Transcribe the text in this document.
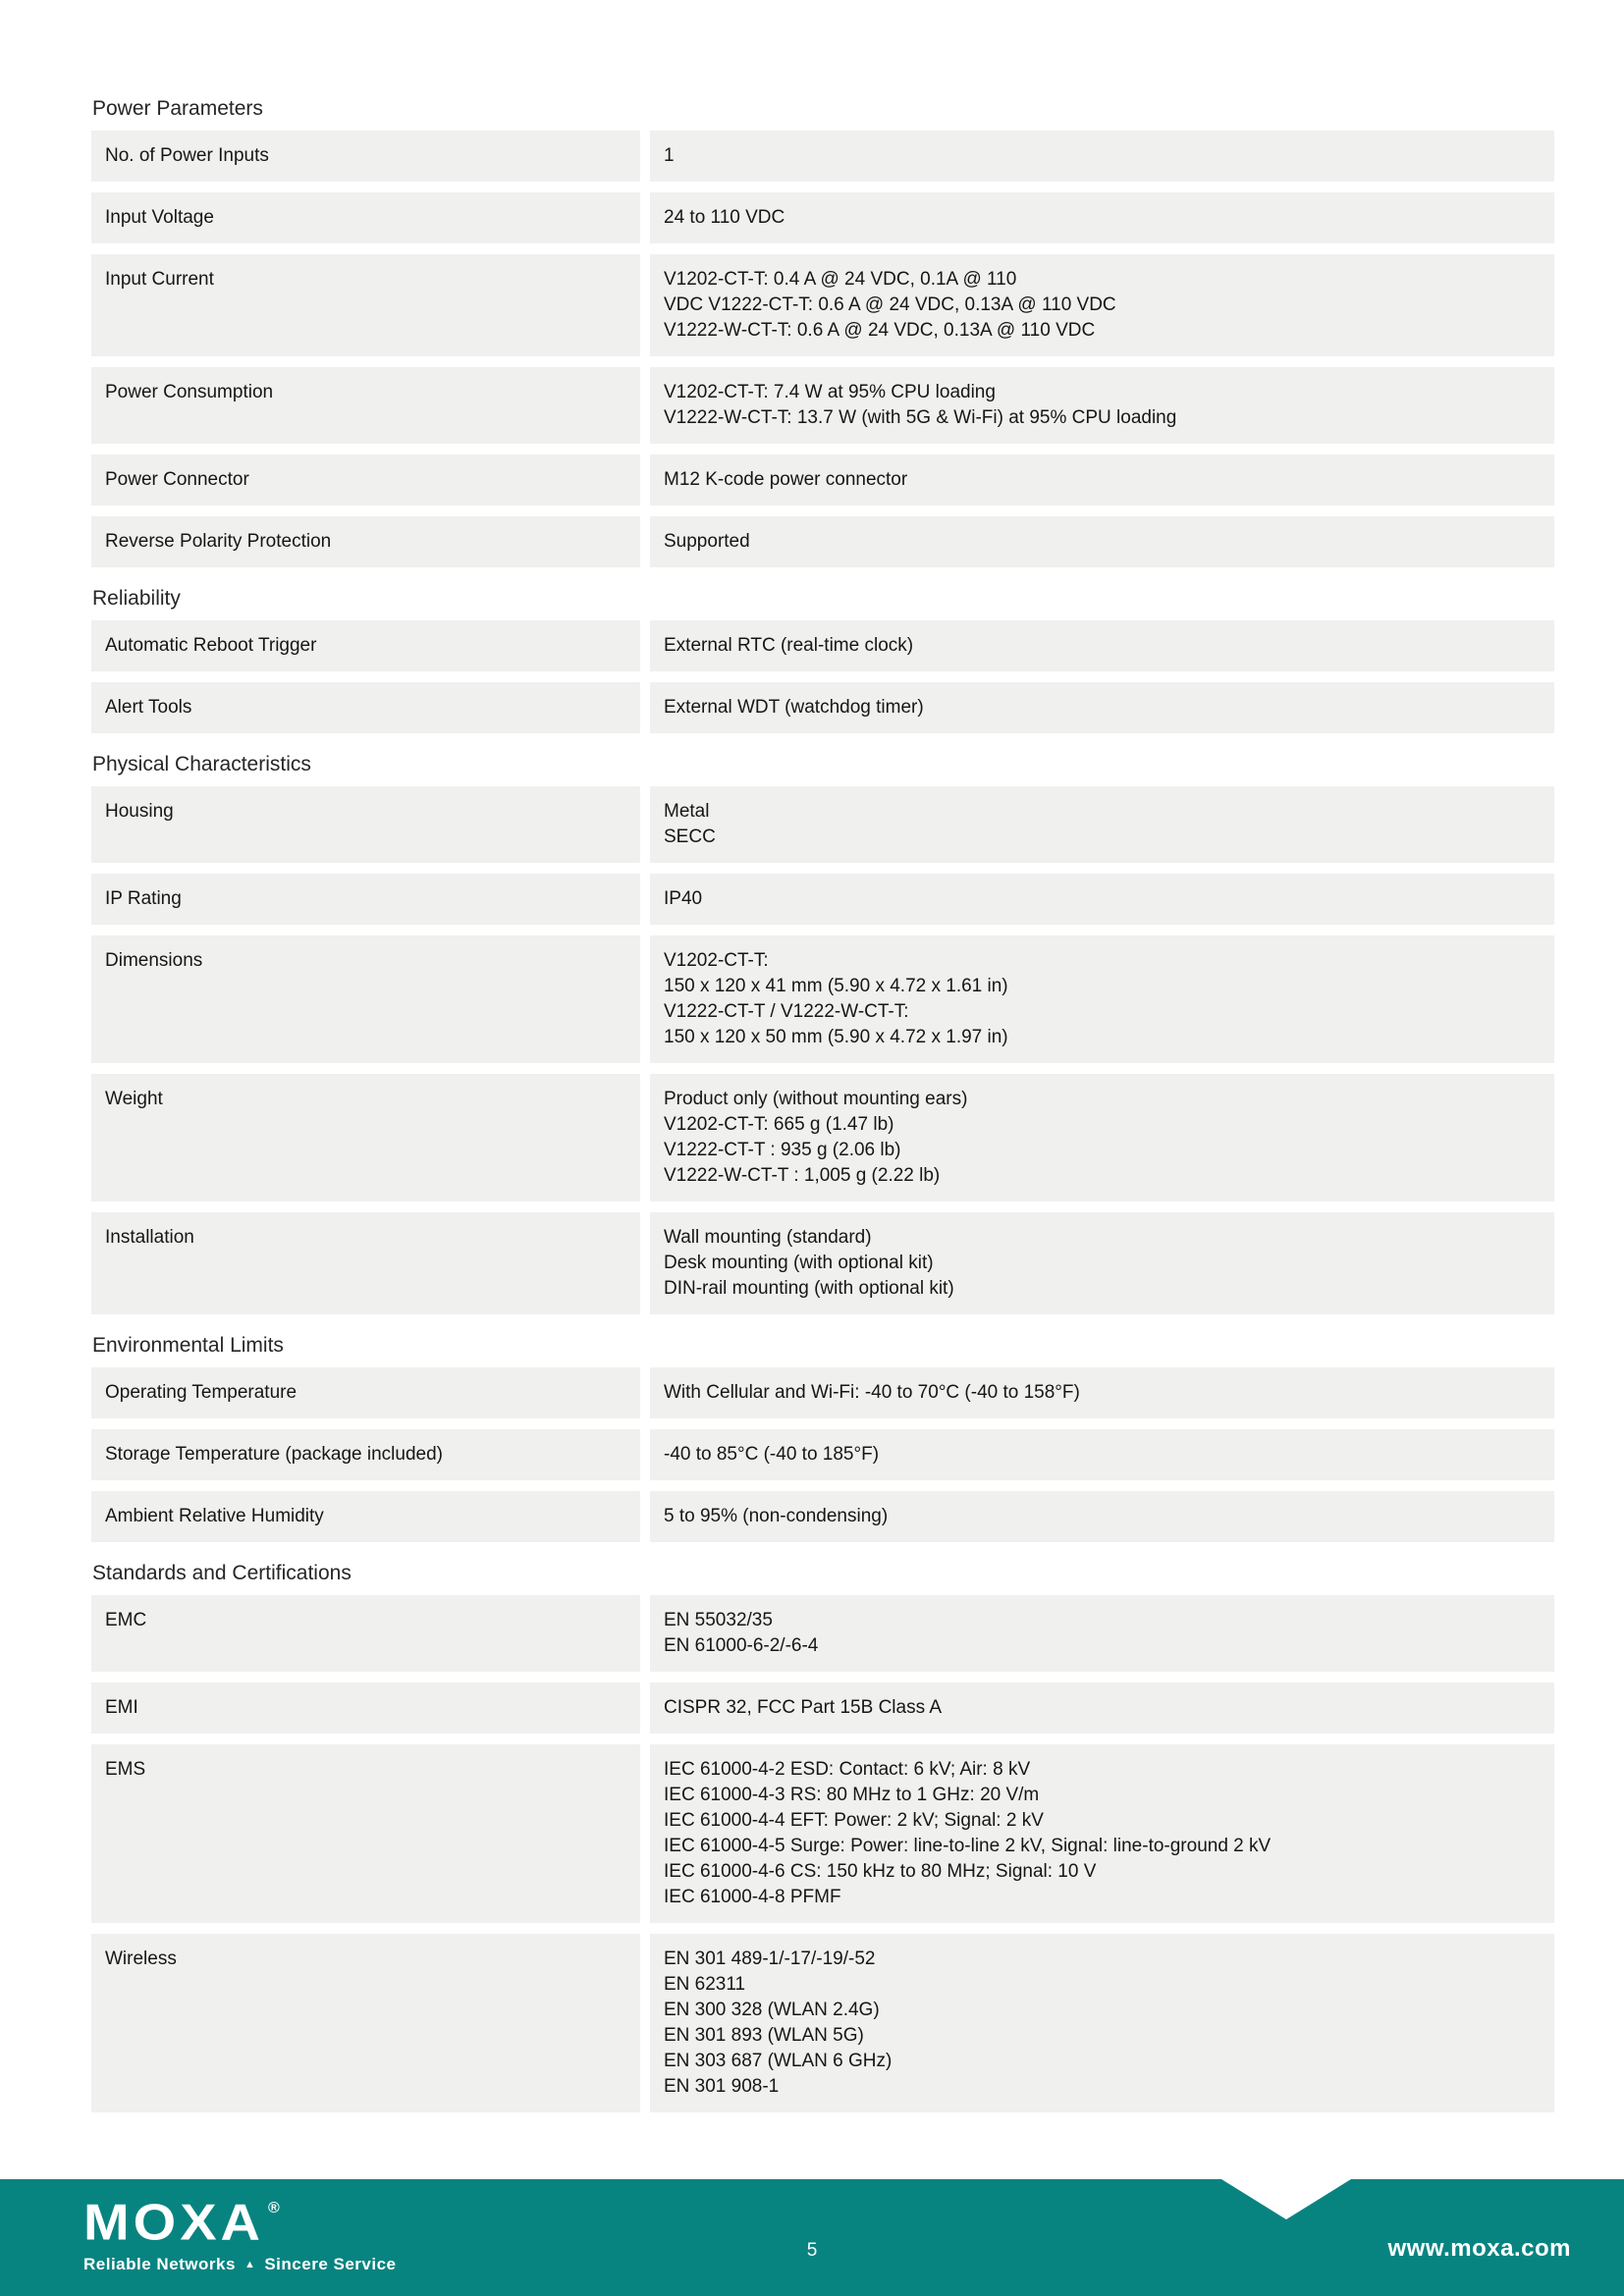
Power Parameters
No. of Power Inputs	1
Input Voltage	24 to 110 VDC
Input Current	V1202-CT-T: 0.4 A @ 24 VDC, 0.1A @ 110
VDC V1222-CT-T: 0.6 A @ 24 VDC, 0.13A @ 110 VDC
V1222-W-CT-T: 0.6 A @ 24 VDC, 0.13A @ 110 VDC
Power Consumption	V1202-CT-T: 7.4 W at 95% CPU loading
V1222-W-CT-T: 13.7 W (with 5G & Wi-Fi) at 95% CPU loading
Power Connector	M12 K-code power connector
Reverse Polarity Protection	Supported
Reliability
Automatic Reboot Trigger	External RTC (real-time clock)
Alert Tools	External WDT (watchdog timer)
Physical Characteristics
Housing	Metal
SECC
IP Rating	IP40
Dimensions	V1202-CT-T:
150 x 120 x 41 mm (5.90 x 4.72 x 1.61 in)
V1222-CT-T / V1222-W-CT-T:
150 x 120 x 50 mm (5.90 x 4.72 x 1.97 in)
Weight	Product only (without mounting ears)
V1202-CT-T: 665 g (1.47 lb)
V1222-CT-T : 935 g (2.06 lb)
V1222-W-CT-T : 1,005 g (2.22 lb)
Installation	Wall mounting (standard)
Desk mounting (with optional kit)
DIN-rail mounting (with optional kit)
Environmental Limits
Operating Temperature	With Cellular and Wi-Fi: -40 to 70°C (-40 to 158°F)
Storage Temperature (package included)	-40 to 85°C (-40 to 185°F)
Ambient Relative Humidity	5 to 95% (non-condensing)
Standards and Certifications
EMC	EN 55032/35
EN 61000-6-2/-6-4
EMI	CISPR 32, FCC Part 15B Class A
EMS	IEC 61000-4-2 ESD: Contact: 6 kV; Air: 8 kV
IEC 61000-4-3 RS: 80 MHz to 1 GHz: 20 V/m
IEC 61000-4-4 EFT: Power: 2 kV; Signal: 2 kV
IEC 61000-4-5 Surge: Power: line-to-line 2 kV, Signal: line-to-ground 2 kV
IEC 61000-4-6 CS: 150 kHz to 80 MHz; Signal: 10 V
IEC 61000-4-8 PFMF
Wireless	EN 301 489-1/-17/-19/-52
EN 62311
EN 300 328 (WLAN 2.4G)
EN 301 893 (WLAN 5G)
EN 303 687 (WLAN 6 GHz)
EN 301 908-1
MOXA ®
Reliable Networks ▲ Sincere Service
5	www.moxa.com
